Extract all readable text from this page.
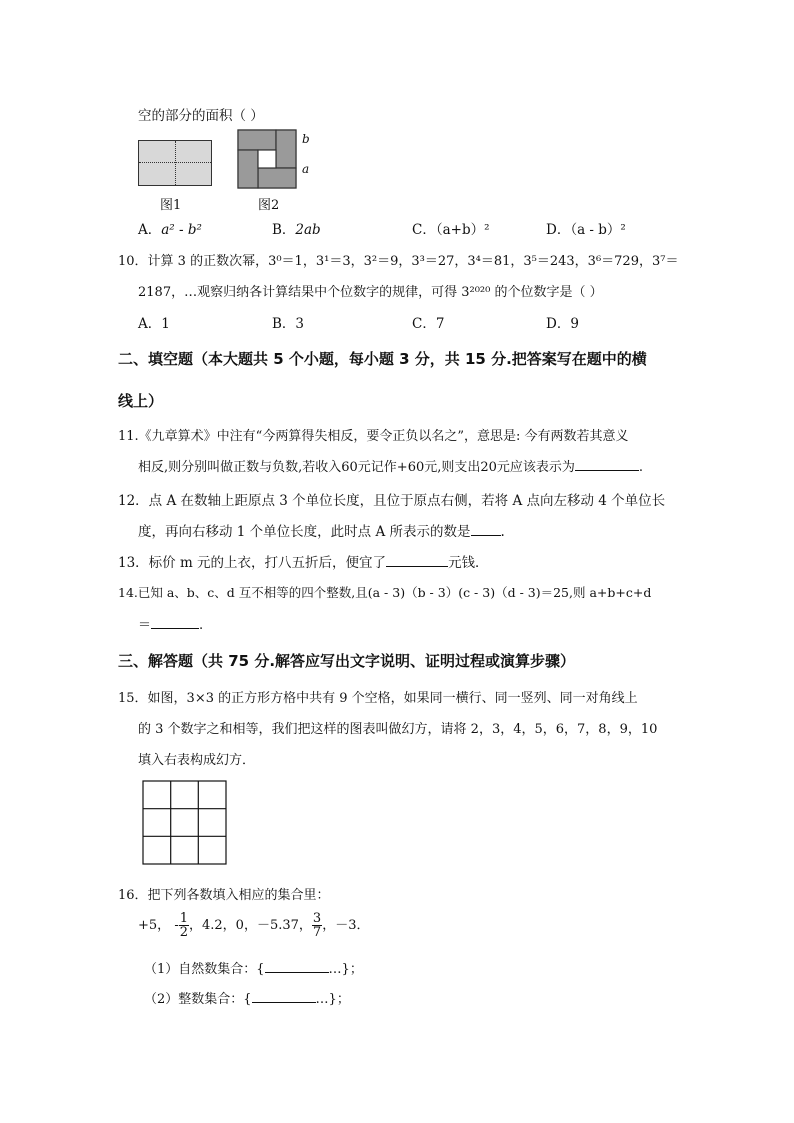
空的部分的面积（ ）
图1
b
a
图2
A．a² - b²	B．2ab	C．（a+b）²	D．（a - b）²
10．计算 3 的正数次幂，3⁰＝1，3¹＝3，3²＝9，3³＝27，3⁴＝81，3⁵＝243，3⁶＝729，3⁷＝
2187，…观察归纳各计算结果中个位数字的规律，可得 3²⁰²⁰ 的个位数字是（ ）
A．1	B．3	C．7	D．9
二、填空题（本大题共 5 个小题，每小题 3 分，共 15 分.把答案写在题中的横
线上）
11.《九章算术》中注有“今两算得失相反，要令正负以名之”，意思是: 今有两数若其意义
相反,则分别叫做正数与负数,若收入60元记作+60元,则支出20元应该表示为	.
12．点 A 在数轴上距原点 3 个单位长度，且位于原点右侧，若将 A 点向左移动 4 个单位长
度，再向右移动 1 个单位长度，此时点 A 所表示的数是 .
13．标价 m 元的上衣，打八五折后，便宜了	元钱．
14.已知 a、b、c、d 互不相等的四个整数,且(a - 3)（b - 3）(c - 3)（d - 3)＝25,则 a+b+c+d
＝	.
三、解答题（共 75 分.解答应写出文字说明、证明过程或演算步骤）
15．如图，3×3 的正方形方格中共有 9 个空格，如果同一横行、同一竖列、同一对角线上
的 3 个数字之和相等，我们把这样的图表叫做幻方，请将 2，3，4，5，6，7，8，9，10
填入右表构成幻方．
16．把下列各数填入相应的集合里：
+5， - $\frac{1}{2}$ ，4.2，0，－5.37， $\frac{3}{7}$ ，－3．
（1）自然数集合：{	…}；
（2）整数集合：{	…}；
